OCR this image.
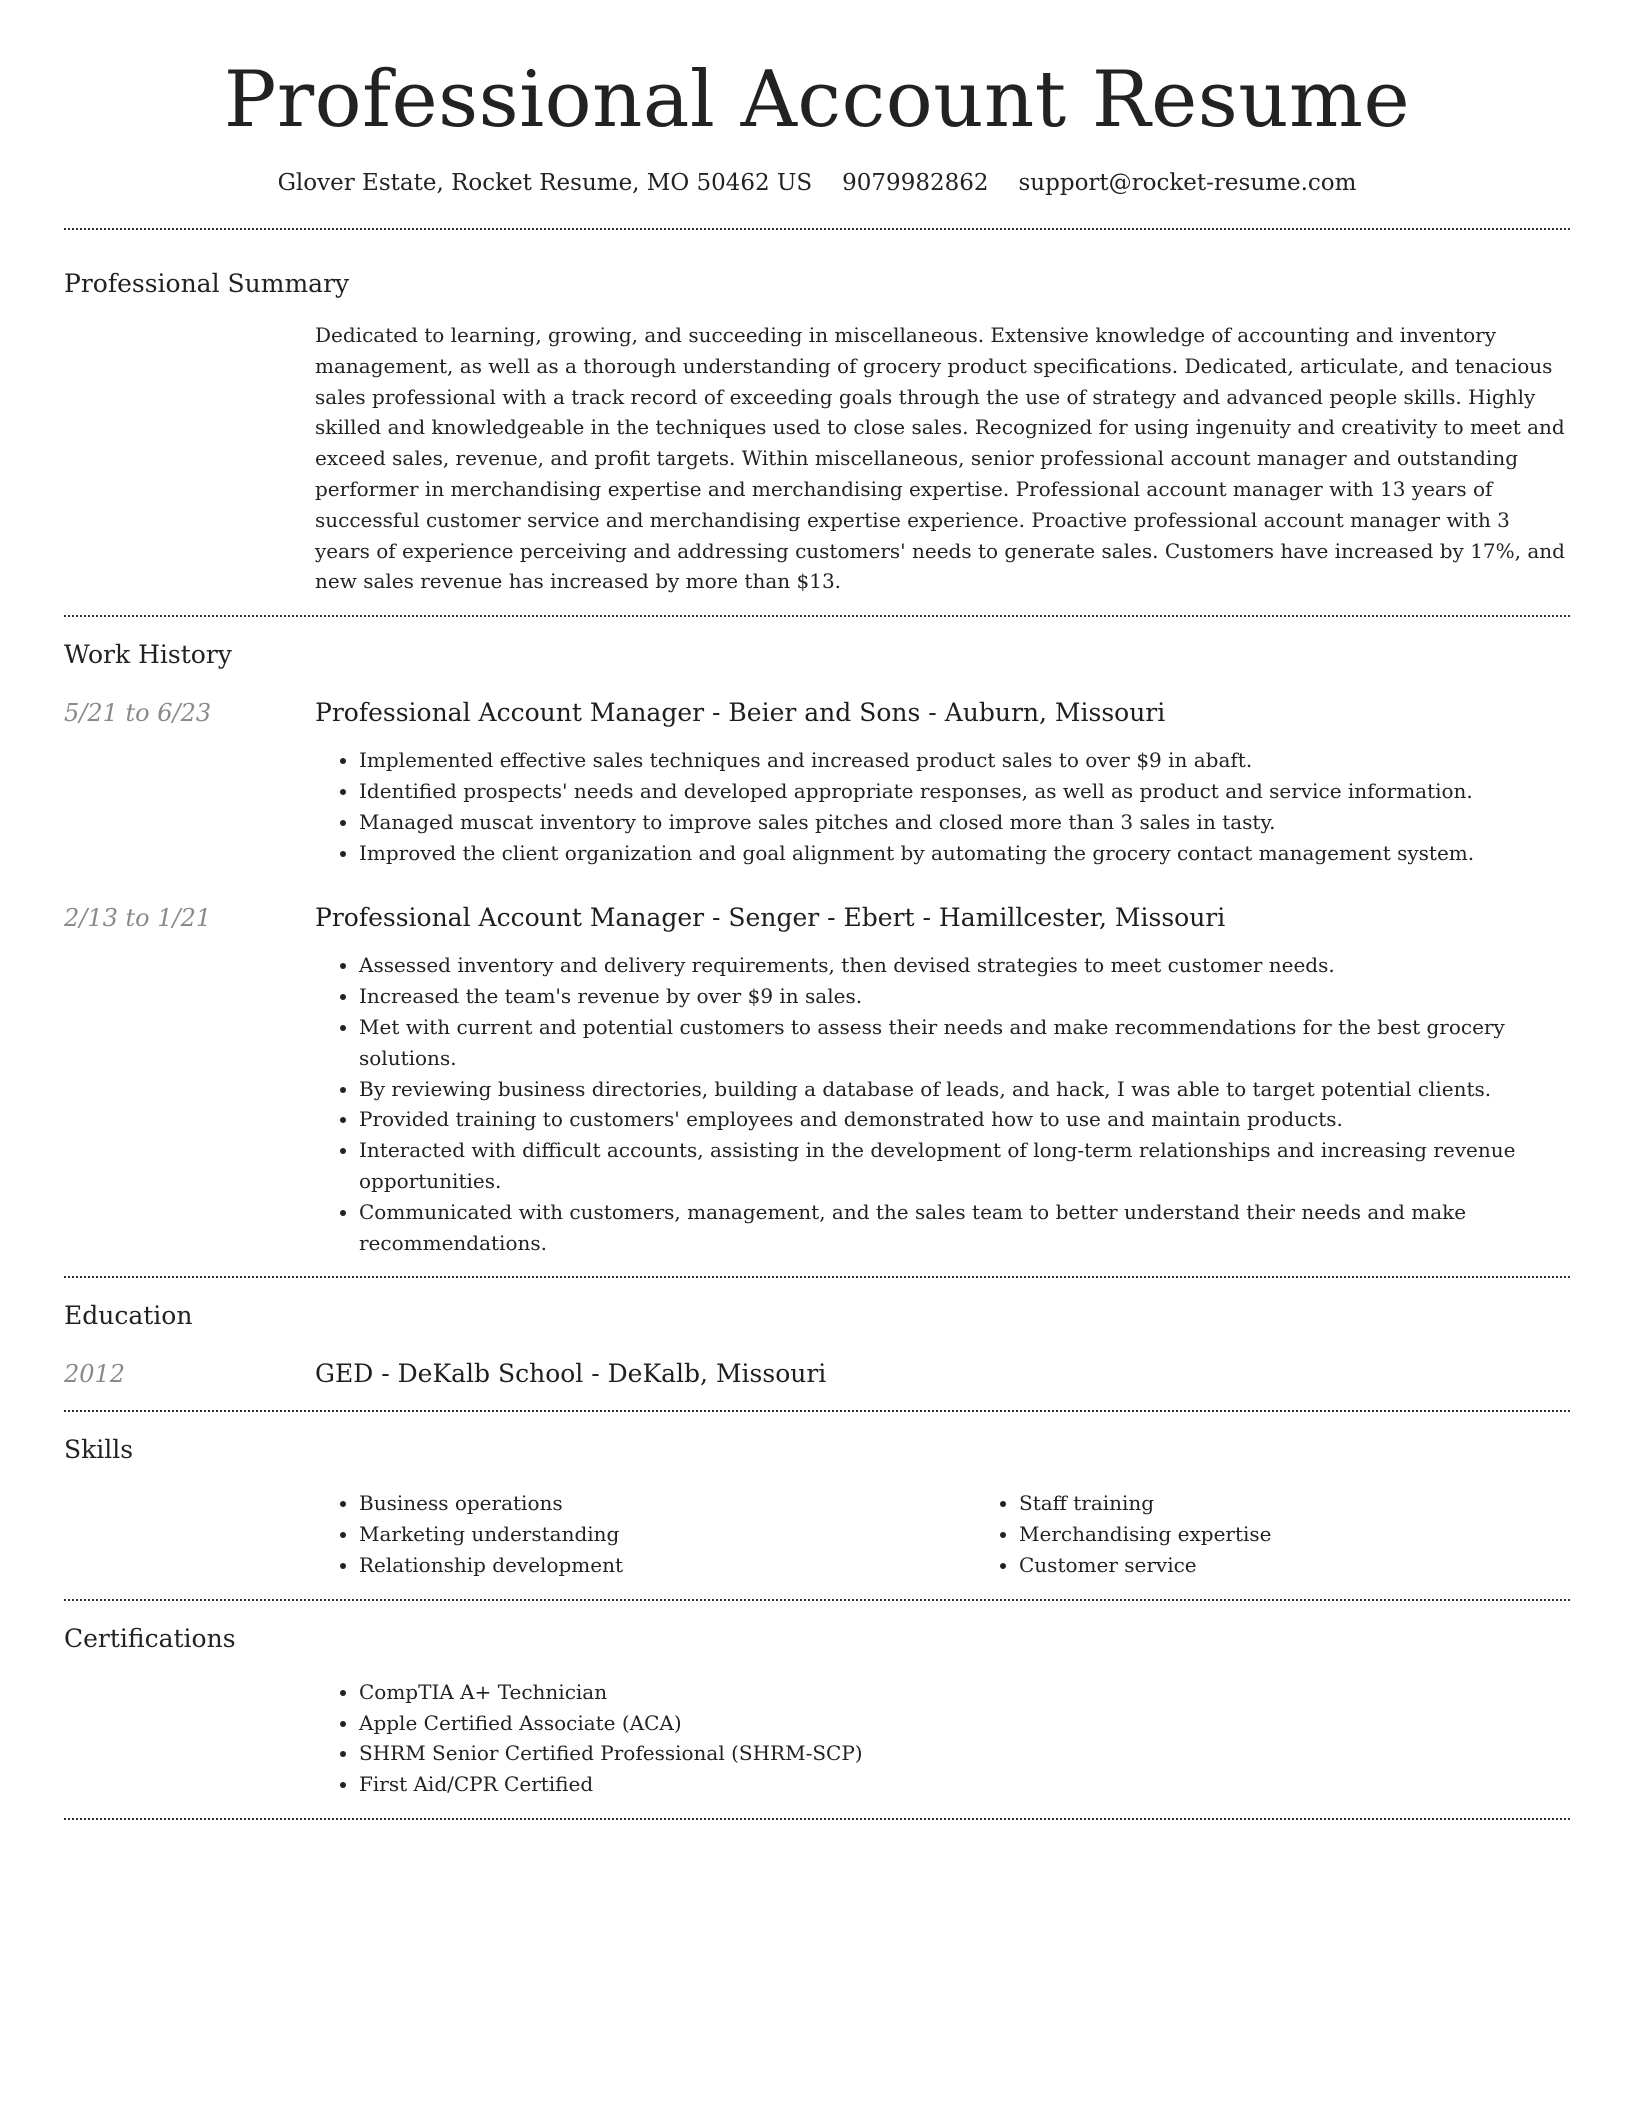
Professional Account Resume
Glover Estate, Rocket Resume, MO 50462 US 9079982862 support@rocket-resume.com
Professional Summary

Dedicated to learning, growing, and succeeding in miscellaneous. Extensive knowledge of accounting and inventory management, as well as a thorough understanding of grocery product specifications. Dedicated, articulate, and tenacious sales professional with a track record of exceeding goals through the use of strategy and advanced people skills. Highly skilled and knowledgeable in the techniques used to close sales. Recognized for using ingenuity and creativity to meet and exceed sales, revenue, and profit targets. Within miscellaneous, senior professional account manager and outstanding performer in merchandising expertise and merchandising expertise. Professional account manager with 13 years of successful customer service and merchandising expertise experience. Proactive professional account manager with 3 years of experience perceiving and addressing customers' needs to generate sales. Customers have increased by 17%, and new sales revenue has increased by more than $13.

Work History
5/21 to 6/23	Professional Account Manager - Beier and Sons - Auburn, Missouri
• Implemented effective sales techniques and increased product sales to over $9 in abaft.
• Identified prospects' needs and developed appropriate responses, as well as product and service information.
• Managed muscat inventory to improve sales pitches and closed more than 3 sales in tasty.
• Improved the client organization and goal alignment by automating the grocery contact management system.
2/13 to 1/21	Professional Account Manager - Senger - Ebert - Hamillcester, Missouri
• Assessed inventory and delivery requirements, then devised strategies to meet customer needs.
• Increased the team's revenue by over $9 in sales.
• Met with current and potential customers to assess their needs and make recommendations for the best grocery solutions.
• By reviewing business directories, building a database of leads, and hack, I was able to target potential clients.
• Provided training to customers' employees and demonstrated how to use and maintain products.
• Interacted with difficult accounts, assisting in the development of long-term relationships and increasing revenue opportunities.
• Communicated with customers, management, and the sales team to better understand their needs and make recommendations.
Education
2012	GED - DeKalb School - DeKalb, Missouri
Skills
• Business operations
• Marketing understanding
• Relationship development
• Staff training
• Merchandising expertise
• Customer service
Certifications
• CompTIA A+ Technician
• Apple Certified Associate (ACA)
• SHRM Senior Certified Professional (SHRM-SCP)
• First Aid/CPR Certified
